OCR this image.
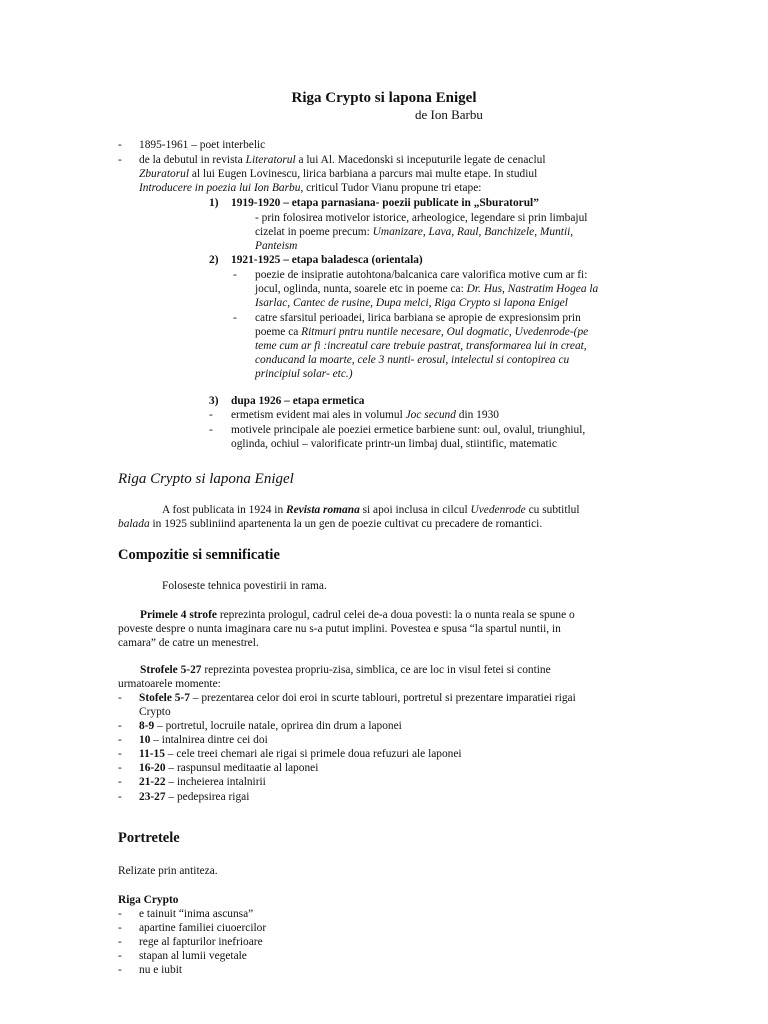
Riga Crypto si lapona Enigel
de Ion Barbu
- 1895-1961 – poet interbelic
- de la debutul in revista Literatorul a lui Al. Macedonski si inceputurile legate de cenaclul
Zburatorul al lui Eugen Lovinescu, lirica barbiana a parcurs mai multe etape. In studiul
Introducere in poezia lui Ion Barbu, criticul Tudor Vianu propune tri etape:
1) 1919-1920 – etapa parnasiana- poezii publicate in „Sburatorul”
- prin folosirea motivelor istorice, arheologice, legendare si prin limbajul
cizelat in poeme precum: Umanizare, Lava, Raul, Banchizele, Muntii,
Panteism
2) 1921-1925 – etapa baladesca (orientala)
- poezie de insipratie autohtona/balcanica care valorifica motive cum ar fi:
jocul, oglinda, nunta, soarele etc in poeme ca: Dr. Hus, Nastratim Hogea la
Isarlac, Cantec de rusine, Dupa melci, Riga Crypto si lapona Enigel
- catre sfarsitul perioadei, lirica barbiana se apropie de expresionsim prin
poeme ca Ritmuri pntru nuntile necesare, Oul dogmatic, Uvedenrode-(pe
teme cum ar fi :increatul care trebuie pastrat, transformarea lui in creat,
conducand la moarte, cele 3 nunti- erosul, intelectul si contopirea cu
principiul solar- etc.)
3) dupa 1926 – etapa ermetica
- ermetism evident mai ales in volumul Joc secund din 1930
- motivele principale ale poeziei ermetice barbiene sunt: oul, ovalul, triunghiul,
oglinda, ochiul – valorificate printr-un limbaj dual, stiintific, matematic
Riga Crypto si lapona Enigel
A fost publicata in 1924 in Revista romana si apoi inclusa in cilcul Uvedenrode cu subtitlul
balada in 1925 subliniind apartenenta la un gen de poezie cultivat cu precadere de romantici.
Compozitie si semnificatie
Foloseste tehnica povestirii in rama.
Primele 4 strofe reprezinta prologul, cadrul celei de-a doua povesti: la o nunta reala se spune o
poveste despre o nunta imaginara care nu s-a putut implini. Povestea e spusa “la spartul nuntii, in
camara” de catre un menestrel.
Strofele 5-27 reprezinta povestea propriu-zisa, simblica, ce are loc in visul fetei si contine
urmatoarele momente:
- Stofele 5-7 – prezentarea celor doi eroi in scurte tablouri, portretul si prezentare imparatiei rigai
Crypto
- 8-9 – portretul, locruile natale, oprirea din drum a laponei
- 10 – intalnirea dintre cei doi
- 11-15 – cele treei chemari ale rigai si primele doua refuzuri ale laponei
- 16-20 – raspunsul meditaatie al laponei
- 21-22 – incheierea intalnirii
- 23-27 – pedepsirea rigai
Portretele
Relizate prin antiteza.
Riga Crypto
- e tainuit “inima ascunsa”
- apartine familiei ciuoercilor
- rege al fapturilor inefrioare
- stapan al lumii vegetale
- nu e iubit
